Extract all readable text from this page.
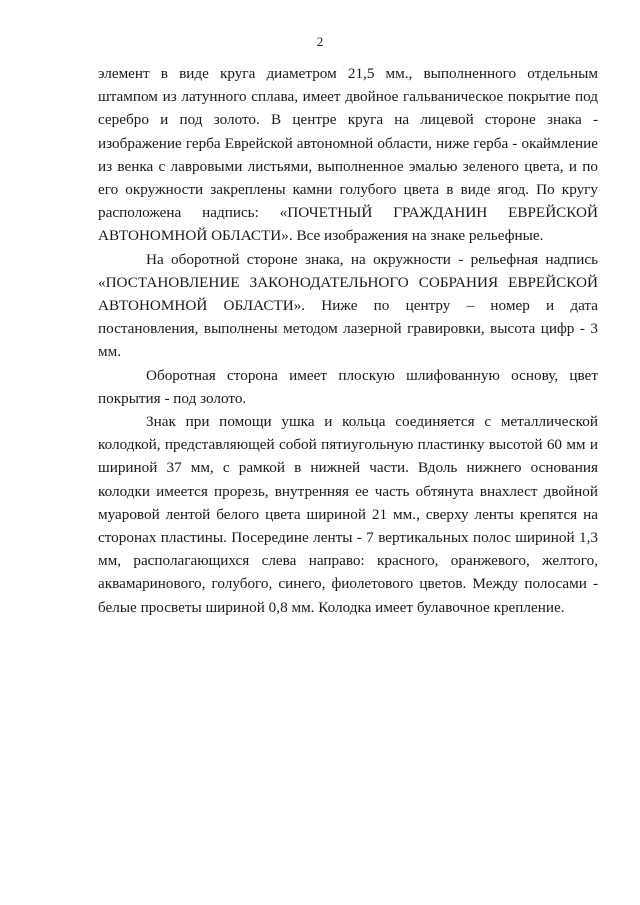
2

элемент в виде круга диаметром 21,5 мм., выполненного отдельным штампом из латунного сплава, имеет двойное гальваническое покрытие под серебро и под золото. В центре круга на лицевой стороне знака - изображение герба Еврейской автономной области, ниже герба - окаймление из венка с лавровыми листьями, выполненное эмалью зеленого цвета, и по его окружности закреплены камни голубого цвета в виде ягод. По кругу расположена надпись: «ПОЧЕТНЫЙ ГРАЖДАНИН ЕВРЕЙСКОЙ АВТОНОМНОЙ ОБЛАСТИ». Все изображения на знаке рельефные.

На оборотной стороне знака, на окружности - рельефная надпись «ПОСТАНОВЛЕНИЕ ЗАКОНОДАТЕЛЬНОГО СОБРАНИЯ ЕВРЕЙСКОЙ АВТОНОМНОЙ ОБЛАСТИ». Ниже по центру – номер и дата постановления, выполнены методом лазерной гравировки, высота цифр - 3 мм.

Оборотная сторона имеет плоскую шлифованную основу, цвет покрытия - под золото.

Знак при помощи ушка и кольца соединяется с металлической колодкой, представляющей собой пятиугольную пластинку высотой 60 мм и шириной 37 мм, с рамкой в нижней части. Вдоль нижнего основания колодки имеется прорезь, внутренняя ее часть обтянута внахлест двойной муаровой лентой белого цвета шириной 21 мм., сверху ленты крепятся на сторонах пластины. Посередине ленты - 7 вертикальных полос шириной 1,3 мм, располагающихся слева направо: красного, оранжевого, желтого, аквамаринового, голубого, синего, фиолетового цветов. Между полосами - белые просветы шириной 0,8 мм. Колодка имеет булавочное крепление.
